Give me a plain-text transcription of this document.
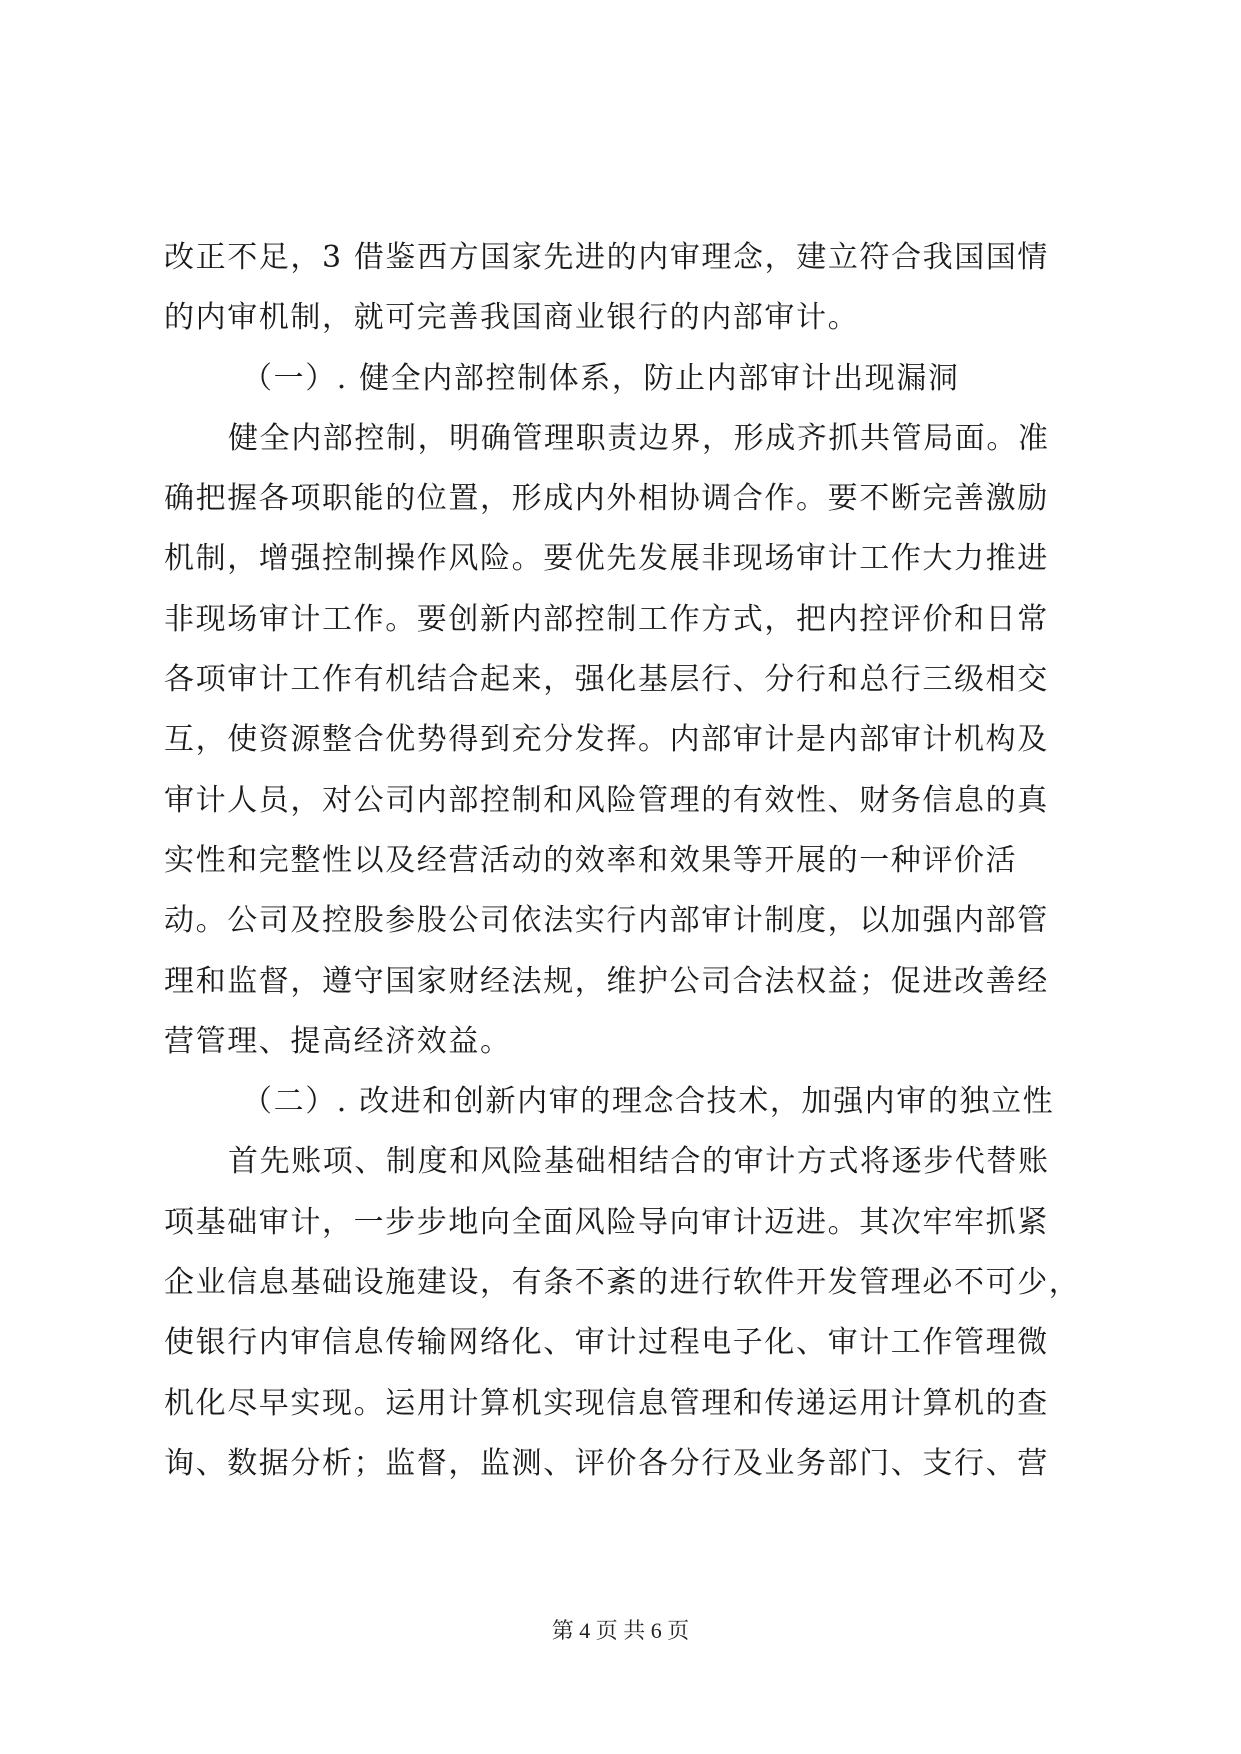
改正不足，3 借鉴西方国家先进的内审理念，建立符合我国国情
的内审机制，就可完善我国商业银行的内部审计。
（一）. 健全内部控制体系，防止内部审计出现漏洞
健全内部控制，明确管理职责边界，形成齐抓共管局面。准
确把握各项职能的位置，形成内外相协调合作。要不断完善激励
机制，增强控制操作风险。要优先发展非现场审计工作大力推进
非现场审计工作。要创新内部控制工作方式，把内控评价和日常
各项审计工作有机结合起来，强化基层行、分行和总行三级相交
互，使资源整合优势得到充分发挥。内部审计是内部审计机构及
审计人员，对公司内部控制和风险管理的有效性、财务信息的真
实性和完整性以及经营活动的效率和效果等开展的一种评价活
动。公司及控股参股公司依法实行内部审计制度，以加强内部管
理和监督，遵守国家财经法规，维护公司合法权益；促进改善经
营管理、提高经济效益。
（二）. 改进和创新内审的理念合技术，加强内审的独立性
首先账项、制度和风险基础相结合的审计方式将逐步代替账
项基础审计，一步步地向全面风险导向审计迈进。其次牢牢抓紧
企业信息基础设施建设，有条不紊的进行软件开发管理必不可少，
使银行内审信息传输网络化、审计过程电子化、审计工作管理微
机化尽早实现。运用计算机实现信息管理和传递运用计算机的查
询、数据分析；监督，监测、评价各分行及业务部门、支行、营
第 4 页 共 6 页
